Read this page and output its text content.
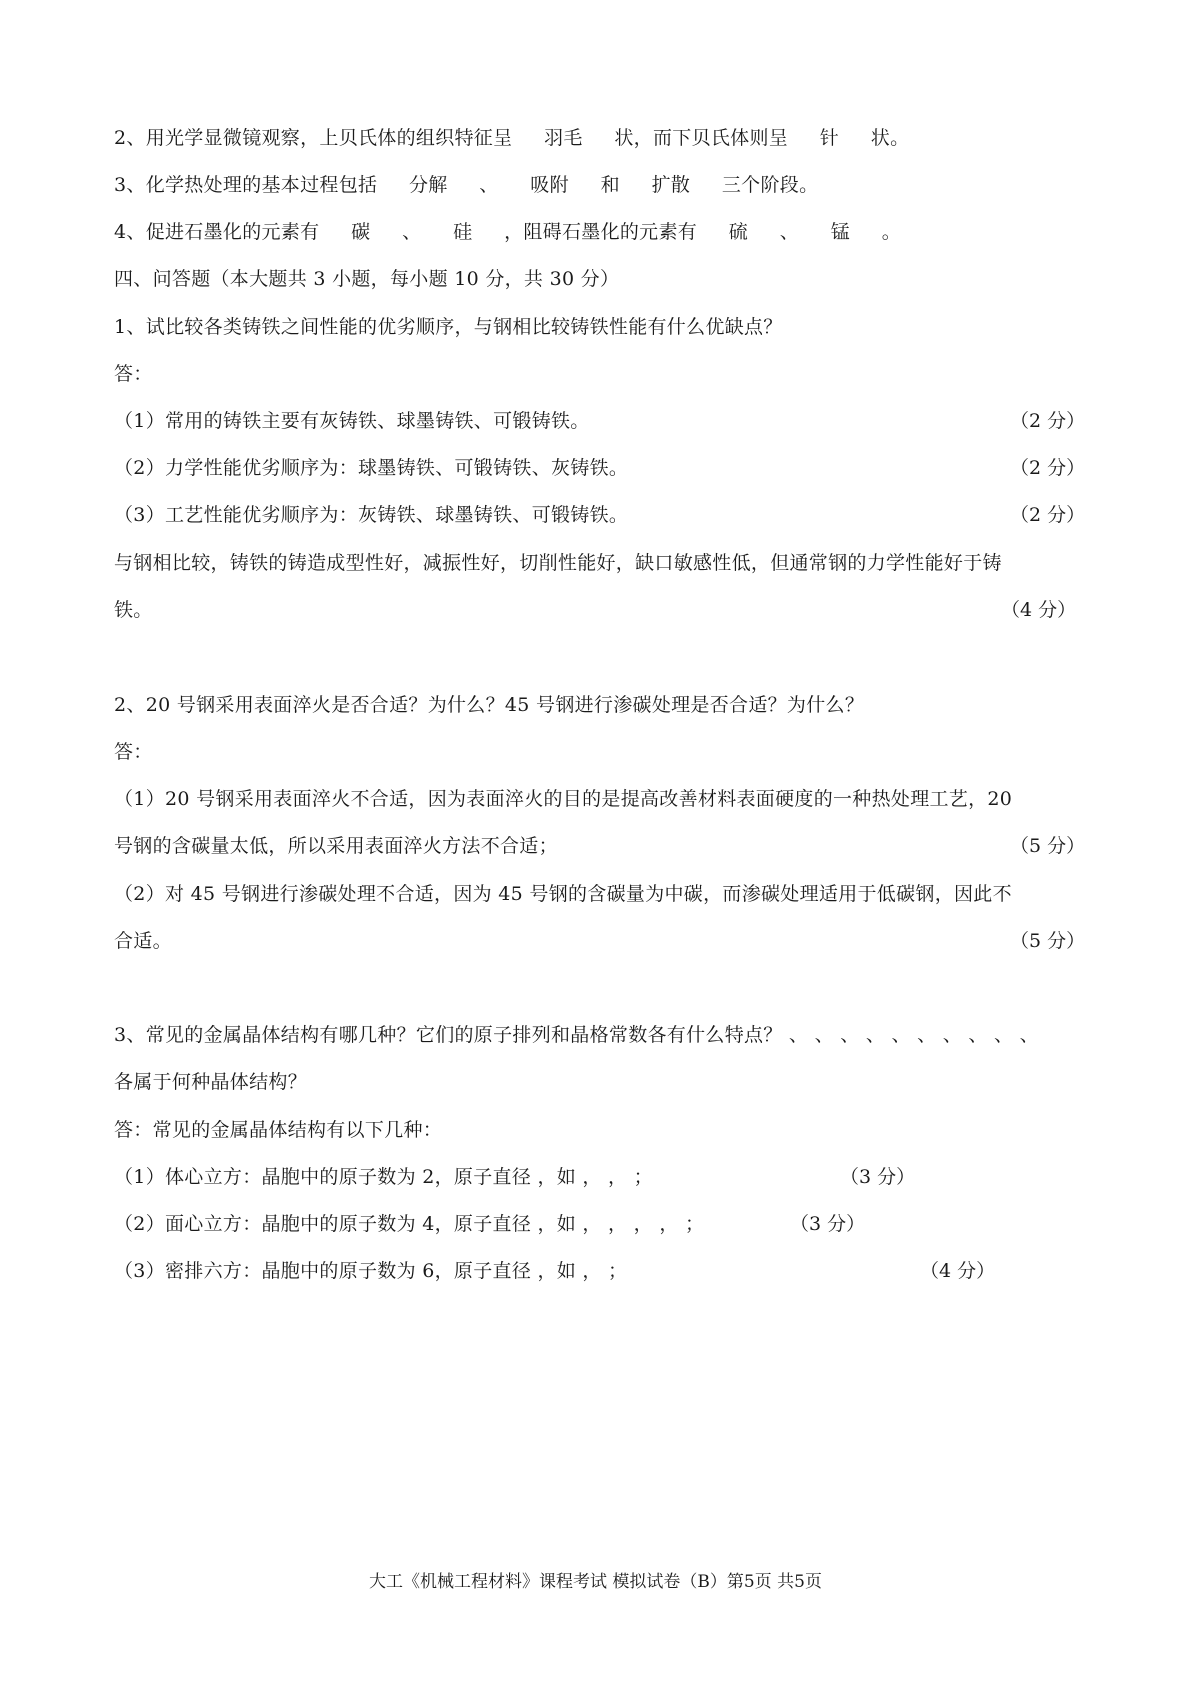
2、用光学显微镜观察，上贝氏体的组织特征呈     羽毛     状，而下贝氏体则呈     针     状。
3、化学热处理的基本过程包括     分解     、     吸附     和     扩散     三个阶段。
4、促进石墨化的元素有     碳     、     硅     ，阻碍石墨化的元素有     硫     、     锰     。
四、问答题（本大题共 3 小题，每小题 10 分，共 30 分）
1、试比较各类铸铁之间性能的优劣顺序，与钢相比较铸铁性能有什么优缺点？
答：
（1）常用的铸铁主要有灰铸铁、球墨铸铁、可锻铸铁。	（2 分）
（2）力学性能优劣顺序为：球墨铸铁、可锻铸铁、灰铸铁。	（2 分）
（3）工艺性能优劣顺序为：灰铸铁、球墨铸铁、可锻铸铁。	（2 分）
与钢相比较，铸铁的铸造成型性好，减振性好，切削性能好，缺口敏感性低，但通常钢的力学性能好于铸
铁。	（4 分）
2、20 号钢采用表面淬火是否合适？为什么？45 号钢进行渗碳处理是否合适？为什么？
答：
（1）20 号钢采用表面淬火不合适，因为表面淬火的目的是提高改善材料表面硬度的一种热处理工艺，20
号钢的含碳量太低，所以采用表面淬火方法不合适；	（5 分）
（2）对 45 号钢进行渗碳处理不合适，因为 45 号钢的含碳量为中碳，而渗碳处理适用于低碳钢，因此不
合适。	（5 分）
3、常见的金属晶体结构有哪几种？它们的原子排列和晶格常数各有什么特点？ 、 、 、 、 、 、 、 、 、 、
各属于何种晶体结构？
答：常见的金属晶体结构有以下几种：
（1）体心立方：晶胞中的原子数为 2，原子直径 ，如 ， ， ；	（3 分）
（2）面心立方：晶胞中的原子数为 4，原子直径 ，如 ， ， ， ， ；	（3 分）
（3）密排六方：晶胞中的原子数为 6，原子直径 ，如 ， ；	（4 分）
大工《机械工程材料》课程考试 模拟试卷（B）第5页 共5页
